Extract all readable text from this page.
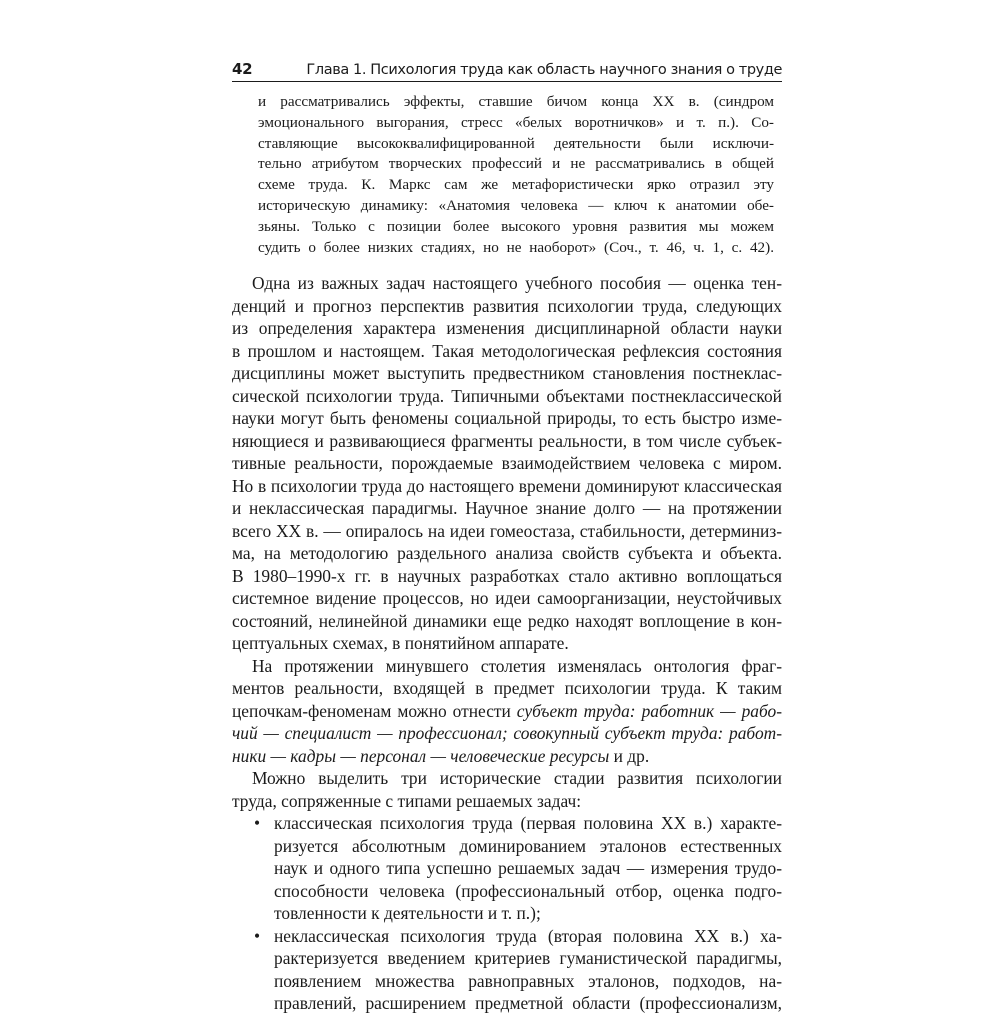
42	Глава 1. Психология труда как область научного знания о труде
и рассматривались эффекты, ставшие бичом конца XX в. (синдром
эмоционального выгорания, стресс «белых воротничков» и т. п.). Со-
ставляющие высококвалифицированной деятельности были исключи-
тельно атрибутом творческих профессий и не рассматривались в общей
схеме труда. К. Маркс сам же метафористически ярко отразил эту
историческую динамику: «Анатомия человека — ключ к анатомии обе-
зьяны. Только с позиции более высокого уровня развития мы можем
судить о более низких стадиях, но не наоборот» (Соч., т. 46, ч. 1, с. 42).
Одна из важных задач настоящего учебного пособия — оценка тен-
денций и прогноз перспектив развития психологии труда, следующих
из определения характера изменения дисциплинарной области науки
в прошлом и настоящем. Такая методологическая рефлексия состояния
дисциплины может выступить предвестником становления постнеклас-
сической психологии труда. Типичными объектами постнеклассической
науки могут быть феномены социальной природы, то есть быстро изме-
няющиеся и развивающиеся фрагменты реальности, в том числе субъек-
тивные реальности, порождаемые взаимодействием человека с миром.
Но в психологии труда до настоящего времени доминируют классическая
и неклассическая парадигмы. Научное знание долго — на протяжении
всего XX в. — опиралось на идеи гомеостаза, стабильности, детерминиз-
ма, на методологию раздельного анализа свойств субъекта и объекта.
В 1980–1990-х гг. в научных разработках стало активно воплощаться
системное видение процессов, но идеи самоорганизации, неустойчивых
состояний, нелинейной динамики еще редко находят воплощение в кон-
цептуальных схемах, в понятийном аппарате.
На протяжении минувшего столетия изменялась онтология фраг-
ментов реальности, входящей в предмет психологии труда. К таким
цепочкам-феноменам можно отнести субъект труда: работник — рабо-
чий — специалист — профессионал; совокупный субъект труда: работ-
ники — кадры — персонал — человеческие ресурсы и др.
Можно выделить три исторические стадии развития психологии
труда, сопряженные с типами решаемых задач:
• классическая психология труда (первая половина XX в.) характе-
ризуется абсолютным доминированием эталонов естественных
наук и одного типа успешно решаемых задач — измерения трудо-
способности человека (профессиональный отбор, оценка подго-
товленности к деятельности и т. п.);
• неклассическая психология труда (вторая половина XX в.) ха-
рактеризуется введением критериев гуманистической парадигмы,
появлением множества равноправных эталонов, подходов, на-
правлений, расширением предметной области (профессионализм,
